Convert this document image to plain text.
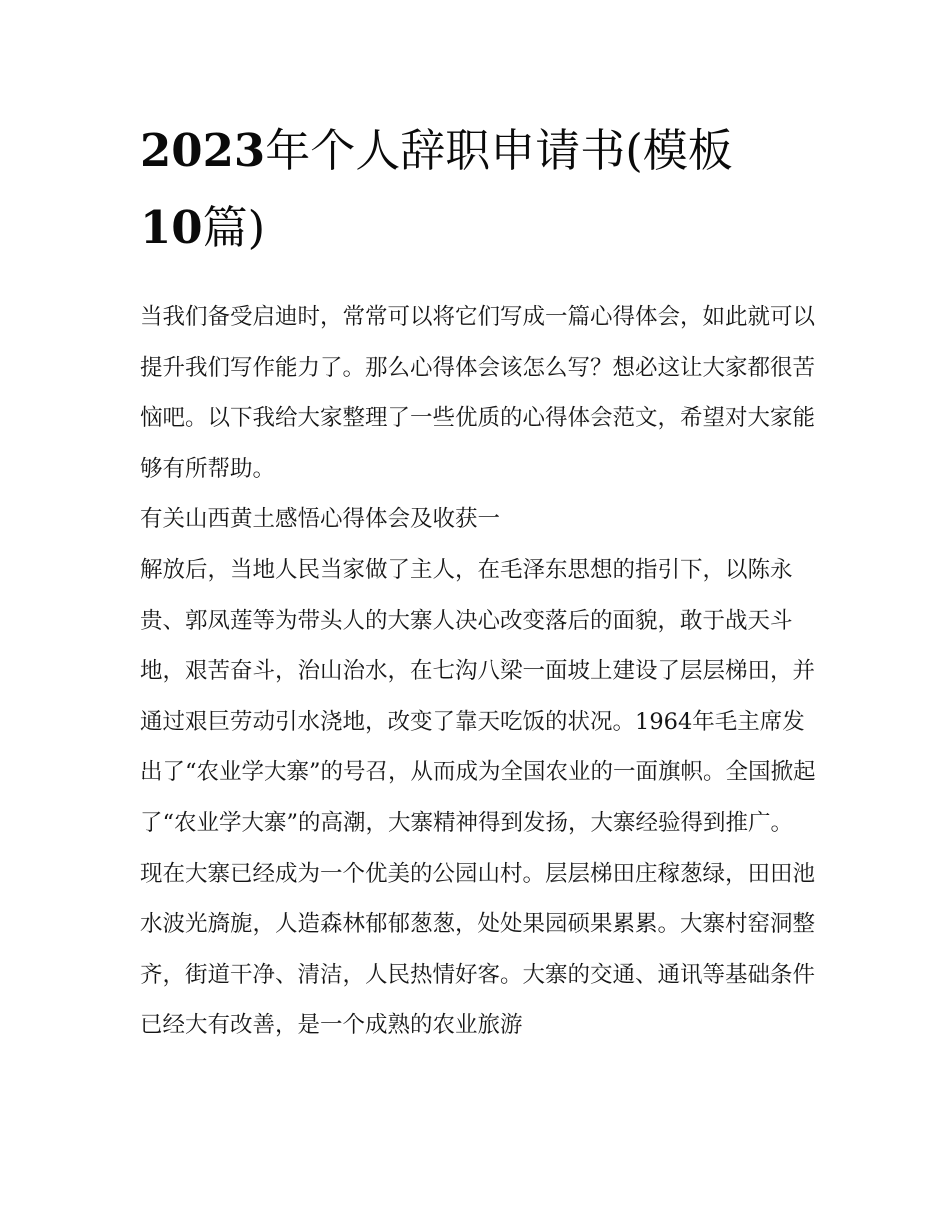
2023年个人辞职申请书(模板
10篇)

当我们备受启迪时，常常可以将它们写成一篇心得体会，如此就可以提升我们写作能力了。那么心得体会该怎么写？想必这让大家都很苦恼吧。以下我给大家整理了一些优质的心得体会范文，希望对大家能够有所帮助。

有关山西黄土感悟心得体会及收获一

解放后，当地人民当家做了主人，在毛泽东思想的指引下，以陈永贵、郭凤莲等为带头人的大寨人决心改变落后的面貌，敢于战天斗地，艰苦奋斗，治山治水，在七沟八梁一面坡上建设了层层梯田，并通过艰巨劳动引水浇地，改变了靠天吃饭的状况。1964年毛主席发出了“农业学大寨”的号召，从而成为全国农业的一面旗帜。全国掀起了“农业学大寨”的高潮，大寨精神得到发扬，大寨经验得到推广。

现在大寨已经成为一个优美的公园山村。层层梯田庄稼葱绿，田田池水波光旖旎，人造森林郁郁葱葱，处处果园硕果累累。大寨村窑洞整齐，街道干净、清洁，人民热情好客。大寨的交通、通讯等基础条件已经大有改善，是一个成熟的农业旅游
